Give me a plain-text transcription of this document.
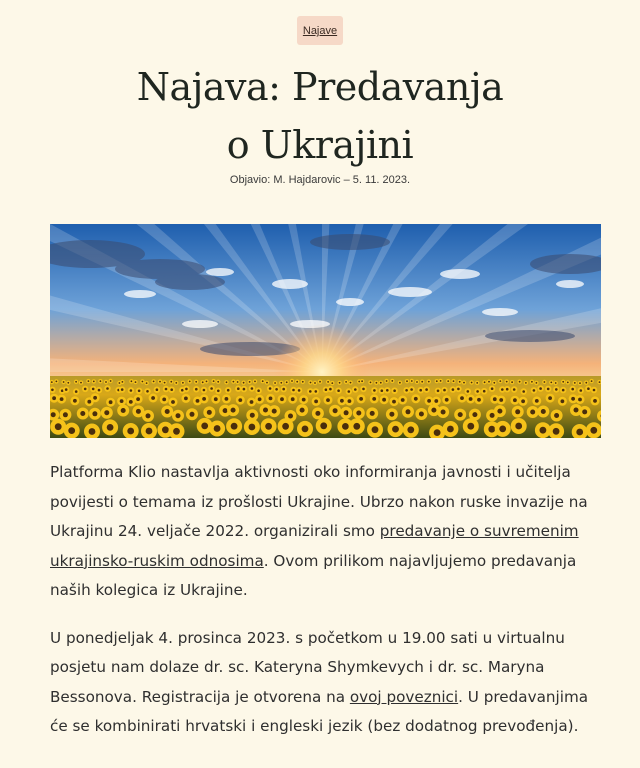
Najave
Najava: Predavanja
o Ukrajini
Objavio: M. Hajdarovic – 5. 11. 2023.

Platforma Klio nastavlja aktivnosti oko informiranja javnosti i učitelja povijesti o temama iz prošlosti Ukrajine. Ubrzo nakon ruske invazije na Ukrajinu 24. veljače 2022. organizirali smo predavanje o suvremenim ukrajinsko-ruskim odnosima. Ovom prilikom najavljujemo predavanja naših kolegica iz Ukrajine.

U ponedjeljak 4. prosinca 2023. s početkom u 19.00 sati u virtualnu posjetu nam dolaze dr. sc. Kateryna Shymkevych i dr. sc. Maryna Bessonova. Registracija je otvorena na ovoj poveznici. U predavanjima će se kombinirati hrvatski i engleski jezik (bez dodatnog prevođenja).
